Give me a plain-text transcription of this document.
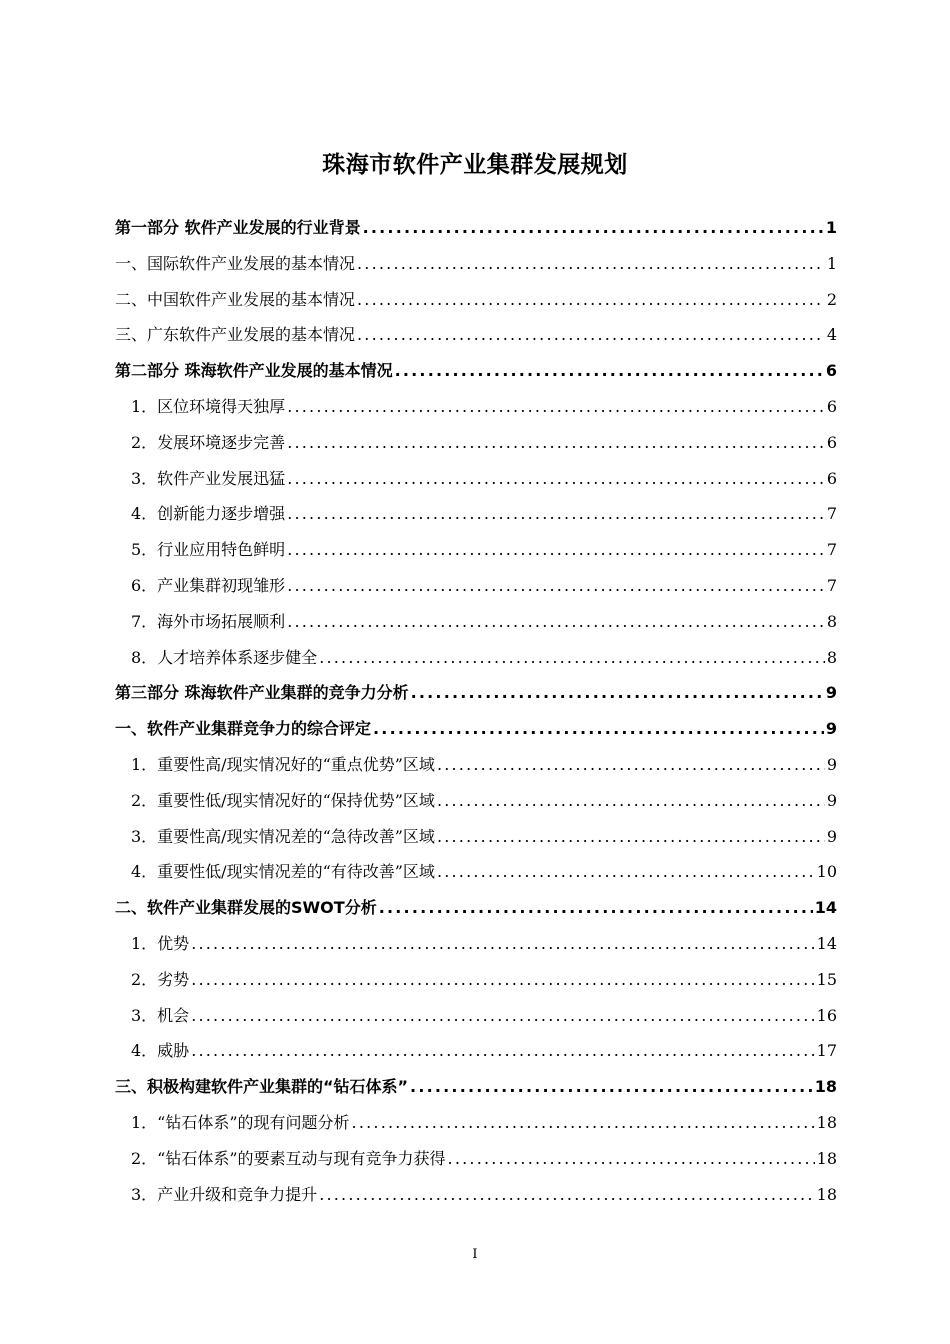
珠海市软件产业集群发展规划
第一部分 软件产业发展的行业背景 .....	1
一、国际软件产业发展的基本情况 .....	1
二、中国软件产业发展的基本情况 .....	2
三、广东软件产业发展的基本情况 .....	4
第二部分 珠海软件产业发展的基本情况 .....	6
1．区位环境得天独厚 .....	6
2．发展环境逐步完善 .....	6
3．软件产业发展迅猛 .....	6
4．创新能力逐步增强 .....	7
5．行业应用特色鲜明 .....	7
6．产业集群初现雏形 .....	7
7．海外市场拓展顺利 .....	8
8．人才培养体系逐步健全 .....	8
第三部分 珠海软件产业集群的竞争力分析 .....	9
一、软件产业集群竞争力的综合评定 .....	9
1．重要性高/现实情况好的“重点优势”区域 .....	9
2．重要性低/现实情况好的“保持优势”区域 .....	9
3．重要性高/现实情况差的“急待改善”区域 .....	9
4．重要性低/现实情况差的“有待改善”区域 .....	10
二、软件产业集群发展的SWOT分析 .....	14
1．优势 .....	14
2．劣势 .....	15
3．机会 .....	16
4．威胁 .....	17
三、积极构建软件产业集群的“钻石体系” .....	18
1．“钻石体系”的现有问题分析 .....	18
2．“钻石体系”的要素互动与现有竞争力获得 .....	18
3．产业升级和竞争力提升 .....	18
I
